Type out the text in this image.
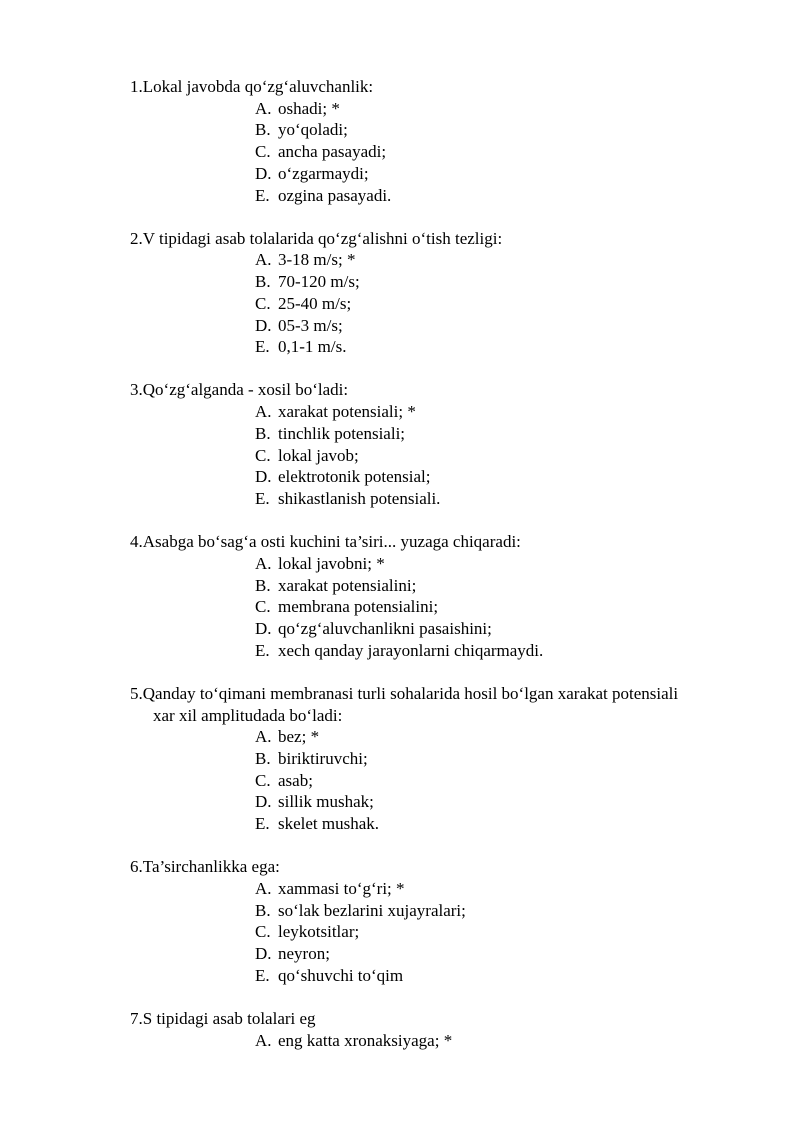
1.Lokal javobda qo‘zg‘aluvchanlik:
A. oshadi; *
B. yo‘qoladi;
C. ancha pasayadi;
D. o‘zgarmaydi;
E. ozgina pasayadi.
2.V tipidagi asab tolalarida qo‘zg‘alishni o‘tish tezligi:
A. 3-18 m/s; *
B. 70-120 m/s;
C. 25-40 m/s;
D. 05-3 m/s;
E. 0,1-1 m/s.
3.Qo‘zg‘alganda - xosil bo‘ladi:
A. xarakat potensiali; *
B. tinchlik potensiali;
C. lokal javob;
D. elektrotonik potensial;
E. shikastlanish potensiali.
4.Asabga bo‘sag‘a osti kuchini ta’siri... yuzaga chiqaradi:
A. lokal javobni; *
B. xarakat potensialini;
C. membrana potensialini;
D. qo‘zg‘aluvchanlikni pasaishini;
E. xech qanday jarayonlarni chiqarmaydi.
5.Qanday to‘qimani membranasi turli sohalarida hosil bo‘lgan xarakat potensiali
xar xil amplitudada bo‘ladi:
A. bez; *
B. biriktiruvchi;
C. asab;
D. sillik mushak;
E. skelet mushak.
6.Ta’sirchanlikka ega:
A. xammasi to‘g‘ri; *
B. so‘lak bezlarini xujayralari;
C. leykotsitlar;
D. neyron;
E. qo‘shuvchi to‘qim
7.S tipidagi asab tolalari eg
A. eng katta xronaksiyaga; *
